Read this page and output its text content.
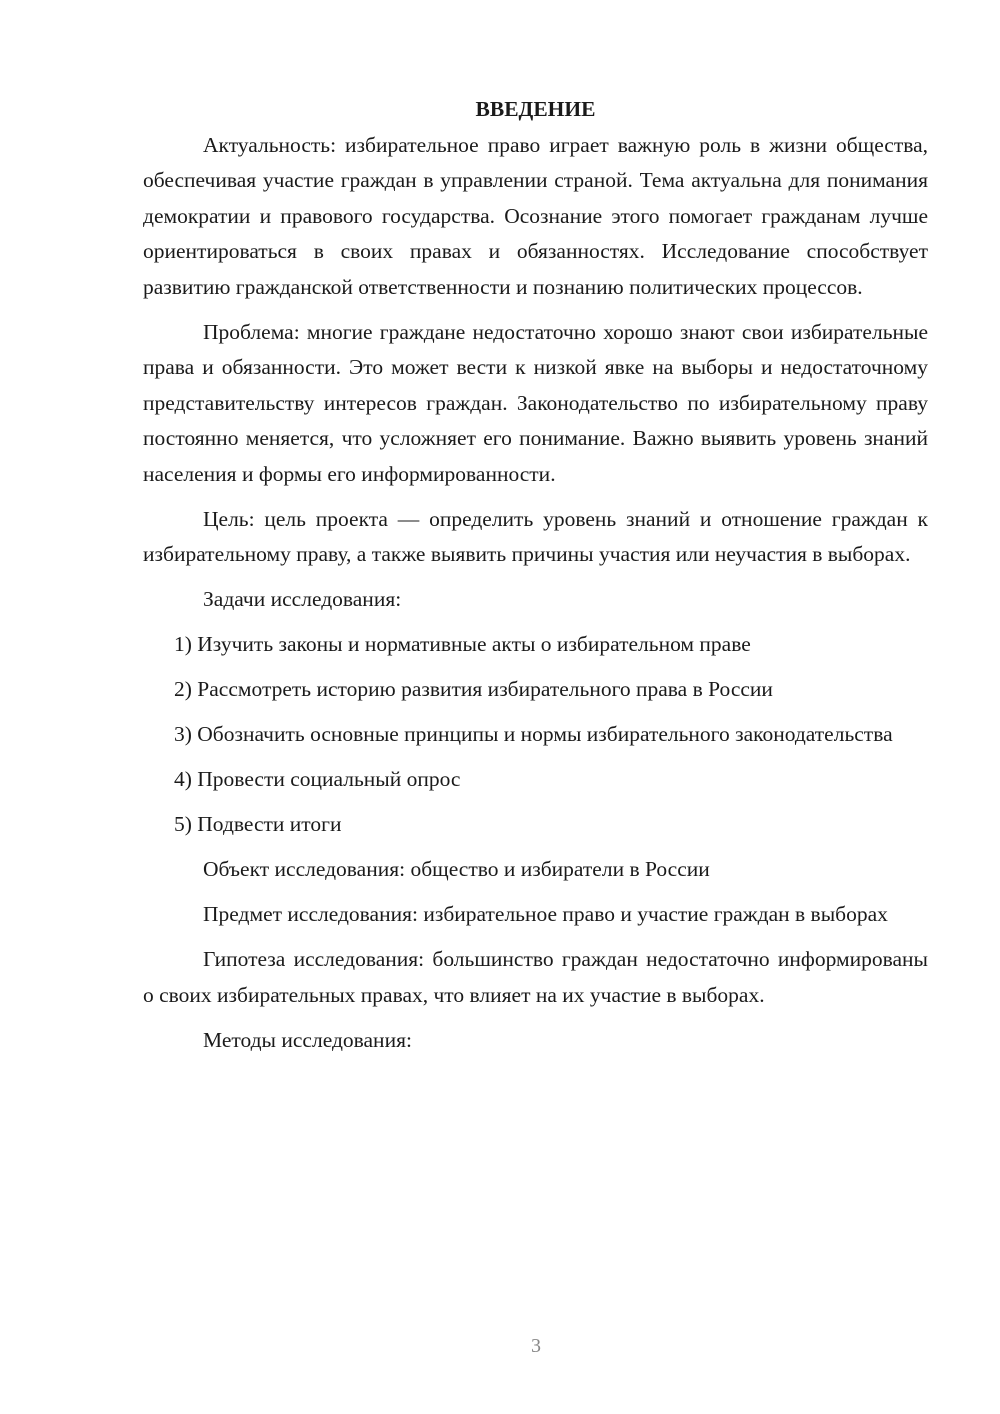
ВВЕДЕНИЕ

Актуальность: избирательное право играет важную роль в жизни общества, обеспечивая участие граждан в управлении страной. Тема актуальна для понимания демократии и правового государства. Осознание этого помогает гражданам лучше ориентироваться в своих правах и обязанностях. Исследование способствует развитию гражданской ответственности и познанию политических процессов.

Проблема: многие граждане недостаточно хорошо знают свои избирательные права и обязанности. Это может вести к низкой явке на выборы и недостаточному представительству интересов граждан. Законодательство по избирательному праву постоянно меняется, что усложняет его понимание. Важно выявить уровень знаний населения и формы его информированности.

Цель: цель проекта — определить уровень знаний и отношение граждан к избирательному праву, а также выявить причины участия или неучастия в выборах.

Задачи исследования:

1) Изучить законы и нормативные акты о избирательном праве

2) Рассмотреть историю развития избирательного права в России

3) Обозначить основные принципы и нормы избирательного законодательства

4) Провести социальный опрос

5) Подвести итоги

Объект исследования: общество и избиратели в России

Предмет исследования: избирательное право и участие граждан в выборах

Гипотеза исследования: большинство граждан недостаточно информированы о своих избирательных правах, что влияет на их участие в выборах.

Методы исследования:

3
